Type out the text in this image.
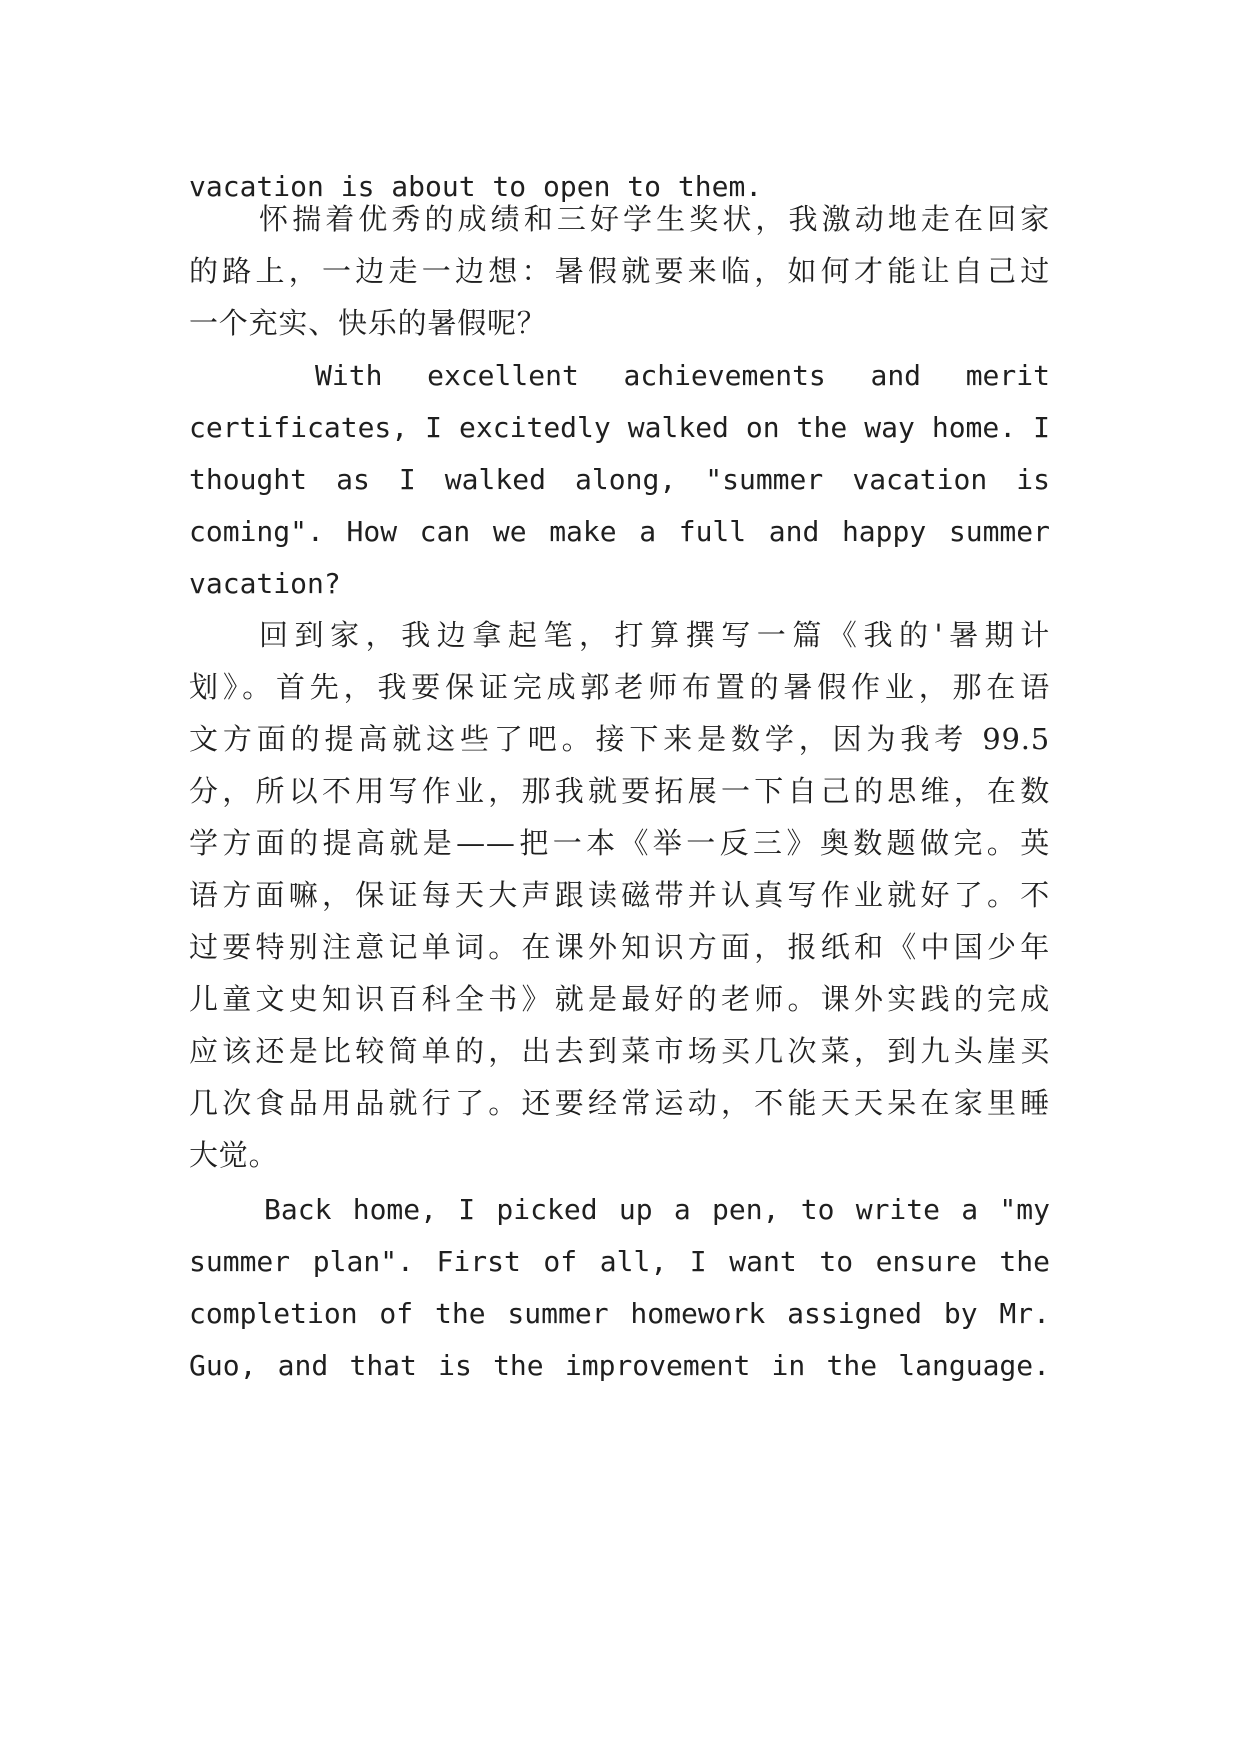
vacation is about to open to them.
怀揣着优秀的成绩和三好学生奖状，我激动地走在回家
的路上，一边走一边想：暑假就要来临，如何才能让自己过
一个充实、快乐的暑假呢？
With excellent achievements and merit
certificates, I excitedly walked on the way home. I
thought as I walked along, "summer vacation is
coming". How can we make a full and happy summer
vacation?
回到家，我边拿起笔，打算撰写一篇《我的'暑期计
划》。首先，我要保证完成郭老师布置的暑假作业，那在语
文方面的提高就这些了吧。接下来是数学，因为我考 99.5
分，所以不用写作业，那我就要拓展一下自己的思维，在数
学方面的提高就是——把一本《举一反三》奥数题做完。英
语方面嘛，保证每天大声跟读磁带并认真写作业就好了。不
过要特别注意记单词。在课外知识方面，报纸和《中国少年
儿童文史知识百科全书》就是最好的老师。课外实践的完成
应该还是比较简单的，出去到菜市场买几次菜，到九头崖买
几次食品用品就行了。还要经常运动，不能天天呆在家里睡
大觉。
Back home, I picked up a pen, to write a "my
summer plan". First of all, I want to ensure the
completion of the summer homework assigned by Mr.
Guo, and that is the improvement in the language.
